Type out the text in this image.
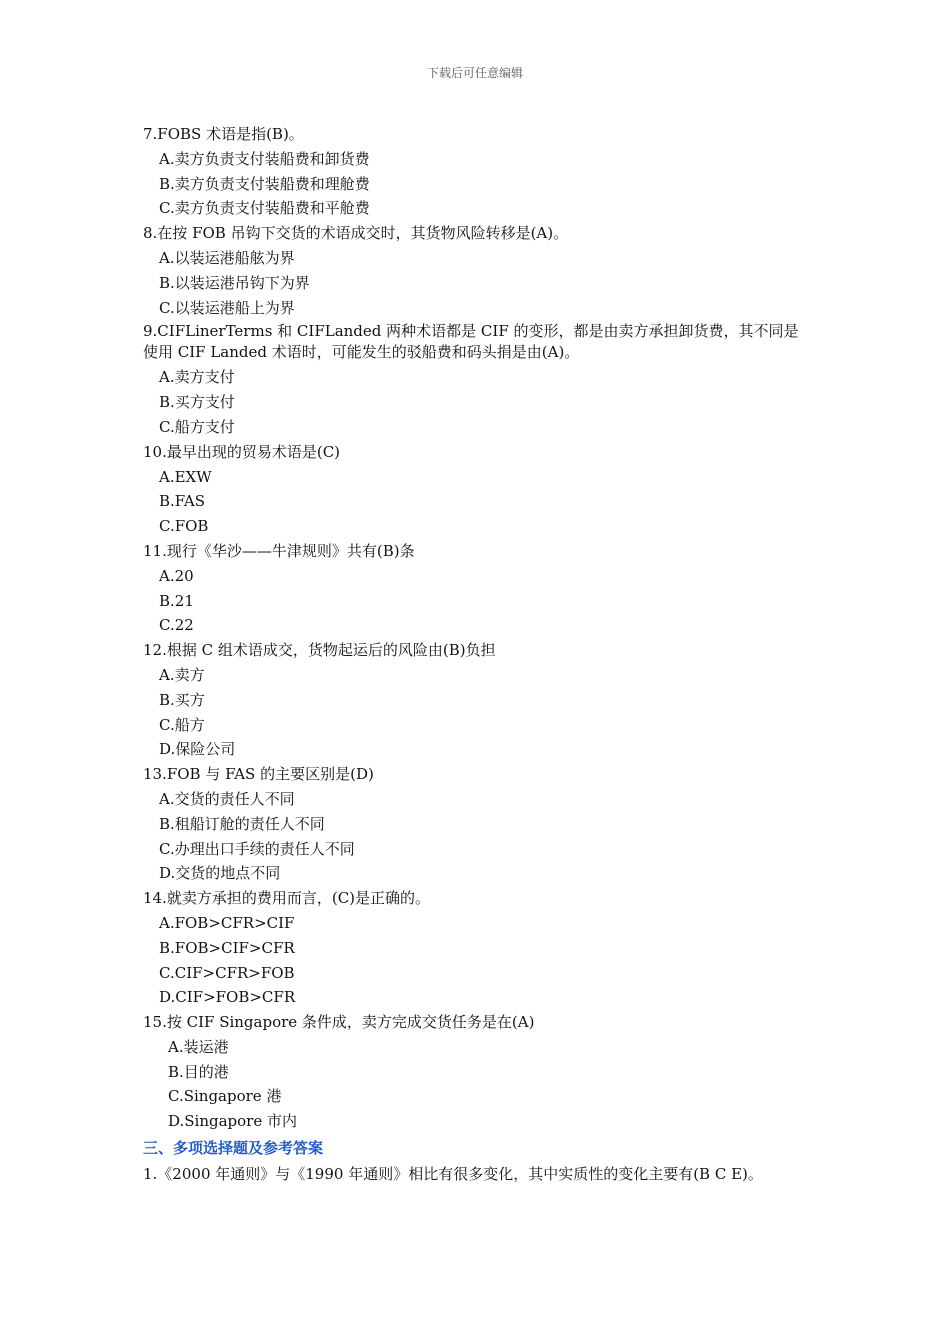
下载后可任意编辑
7.FOBS 术语是指(B)。
A.卖方负责支付装船费和卸货费
B.卖方负责支付装船费和理舱费
C.卖方负责支付装船费和平舱费
8.在按 FOB 吊钩下交货的术语成交时，其货物风险转移是(A)。
A.以装运港船舷为界
B.以装运港吊钩下为界
C.以装运港船上为界
9.CIFLinerTerms 和 CIFLanded 两种术语都是 CIF 的变形，都是由卖方承担卸货费，其不同是使用 CIF Landed 术语时，可能发生的驳船费和码头捐是由(A)。
A.卖方支付
B.买方支付
C.船方支付
10.最早出现的贸易术语是(C)
A.EXW
B.FAS
C.FOB
11.现行《华沙——牛津规则》共有(B)条
A.20
B.21
C.22
12.根据 C 组术语成交，货物起运后的风险由(B)负担
A.卖方
B.买方
C.船方
D.保险公司
13.FOB 与 FAS 的主要区别是(D)
A.交货的责任人不同
B.租船订舱的责任人不同
C.办理出口手续的责任人不同
D.交货的地点不同
14.就卖方承担的费用而言，(C)是正确的。
A.FOB>CFR>CIF
B.FOB>CIF>CFR
C.CIF>CFR>FOB
D.CIF>FOB>CFR
15.按 CIF Singapore 条件成，卖方完成交货任务是在(A)
A.装运港
B.目的港
C.Singapore 港
D.Singapore 市内
三、多项选择题及参考答案
1.《2000 年通则》与《1990 年通则》相比有很多变化，其中实质性的变化主要有(B C E)。
